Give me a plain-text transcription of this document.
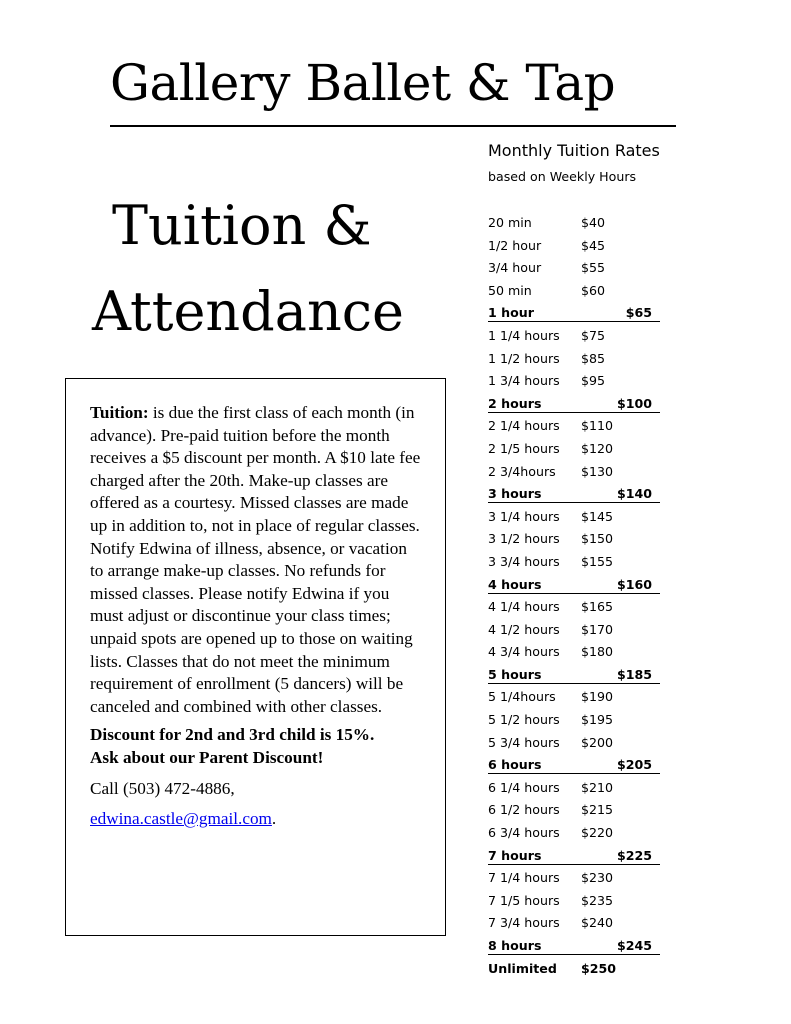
Gallery Ballet & Tap
Tuition &
Attendance

Tuition: is due the first class of each month (in advance). Pre-paid tuition before the month receives a $5 discount per month. A $10 late fee charged after the 20th. Make-up classes are offered as a courtesy. Missed classes are made up in addition to, not in place of regular classes. Notify Edwina of illness, absence, or vacation to arrange make-up classes. No refunds for missed classes. Please notify Edwina if you must adjust or discontinue your class times; unpaid spots are opened up to those on waiting lists. Classes that do not meet the minimum requirement of enrollment (5 dancers) will be canceled and combined with other classes.

Discount for 2nd and 3rd child is 15%.
Ask about our Parent Discount!

Call (503) 472-4886,

edwina.castle@gmail.com.

Monthly Tuition Rates
based on Weekly Hours
20 min	$40
1/2 hour	$45
3/4 hour	$55
50 min	$60
1 hour	$65
1 1/4 hours $75
1 1/2 hours $85
1 3/4 hours $95
2 hours	$100
2 1/4 hours $110
2 1/5 hours $120
2 3/4hours $130
3 hours	$140
3 1/4 hours $145
3 1/2 hours $150
3 3/4 hours $155
4 hours	$160
4 1/4 hours $165
4 1/2 hours $170
4 3/4 hours $180
5 hours	$185
5 1/4hours $190
5 1/2 hours $195
5 3/4 hours $200
6 hours	$205
6 1/4 hours $210
6 1/2 hours $215
6 3/4 hours $220
7 hours	$225
7 1/4 hours $230
7 1/5 hours $235
7 3/4 hours $240
8 hours	$245
Unlimited $250
